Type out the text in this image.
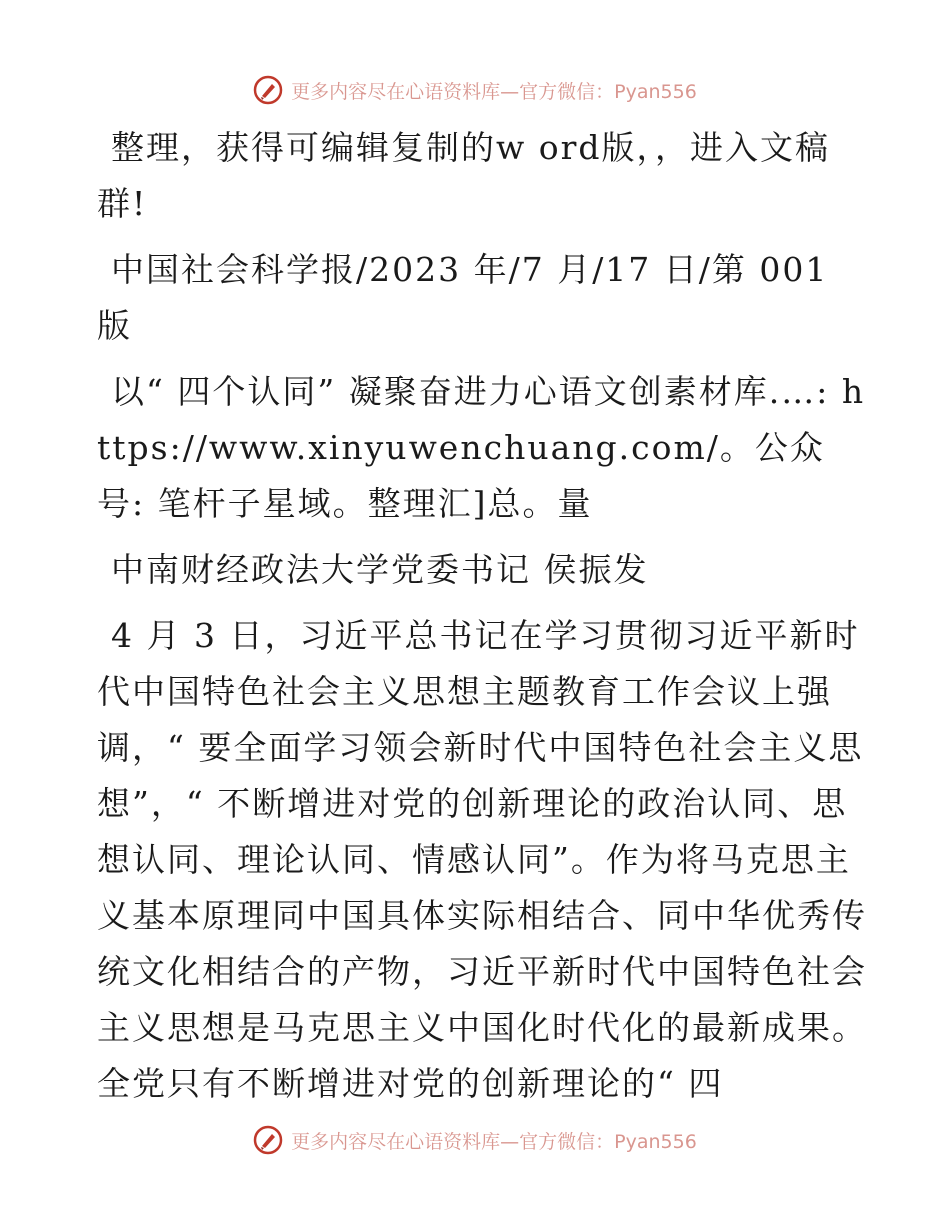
更多内容尽在心语资料库—官方微信：Pyan556

整理，获得可编辑复制的w ord版，，进入文稿群!

中国社会科学报/2023 年/7 月/17 日/第 001 版

以“ 四个认同” 凝聚奋进力心语文创素材库.…: https://www.xinyuwenchuang.com/。公众号: 笔杆子星域。整理汇]总。量

中南财经政法大学党委书记 侯振发

4 月 3 日，习近平总书记在学习贯彻习近平新时代中国特色社会主义思想主题教育工作会议上强调，“ 要全面学习领会新时代中国特色社会主义思想”，“ 不断增进对党的创新理论的政治认同、思想认同、理论认同、情感认同”。作为将马克思主义基本原理同中国具体实际相结合、同中华优秀传统文化相结合的产物，习近平新时代中国特色社会主义思想是马克思主义中国化时代化的最新成果。全党只有不断增进对党的创新理论的“ 四

更多内容尽在心语资料库—官方微信：Pyan556
